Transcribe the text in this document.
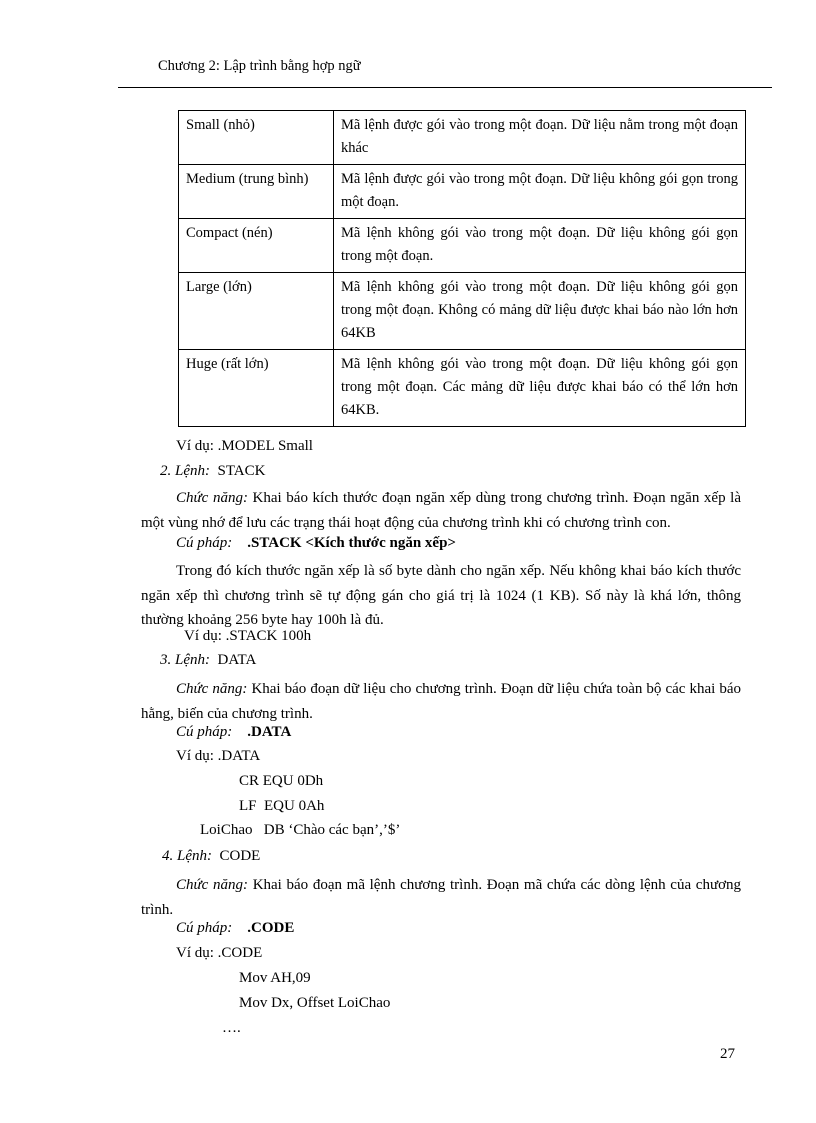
Chương 2: Lập trình bằng hợp ngữ
Small (nhỏ)	Mã lệnh được gói vào trong một đoạn. Dữ liệu nằm trong một đoạn khác
Medium (trung bình)	Mã lệnh được gói vào trong một đoạn. Dữ liệu không gói gọn trong một đoạn.
Compact (nén)	Mã lệnh không gói vào trong một đoạn. Dữ liệu không gói gọn trong một đoạn.
Large (lớn)	Mã lệnh không gói vào trong một đoạn. Dữ liệu không gói gọn trong một đoạn. Không có mảng dữ liệu được khai báo nào lớn hơn 64KB
Huge (rất lớn)	Mã lệnh không gói vào trong một đoạn. Dữ liệu không gói gọn trong một đoạn. Các mảng dữ liệu được khai báo có thể lớn hơn 64KB.
Ví dụ: .MODEL Small
2. Lệnh: STACK
Chức năng: Khai báo kích thước đoạn ngăn xếp dùng trong chương trình. Đoạn ngăn xếp là một vùng nhớ để lưu các trạng thái hoạt động của chương trình khi có chương trình con.
Cú pháp: .STACK <Kích thước ngăn xếp>
Trong đó kích thước ngăn xếp là số byte dành cho ngăn xếp. Nếu không khai báo kích thước ngăn xếp thì chương trình sẽ tự động gán cho giá trị là 1024 (1 KB). Số này là khá lớn, thông thường khoảng 256 byte hay 100h là đủ.
Ví dụ: .STACK 100h
3. Lệnh: DATA
Chức năng: Khai báo đoạn dữ liệu cho chương trình. Đoạn dữ liệu chứa toàn bộ các khai báo hằng, biến của chương trình.
Cú pháp: .DATA
Ví dụ: .DATA
CR EQU 0Dh
LF  EQU 0Ah
LoiChao   DB ‘Chào các bạn’,’$’
4. Lệnh: CODE
Chức năng: Khai báo đoạn mã lệnh chương trình. Đoạn mã chứa các dòng lệnh của chương trình.
Cú pháp: .CODE
Ví dụ: .CODE
Mov AH,09
Mov Dx, Offset LoiChao
….
27
